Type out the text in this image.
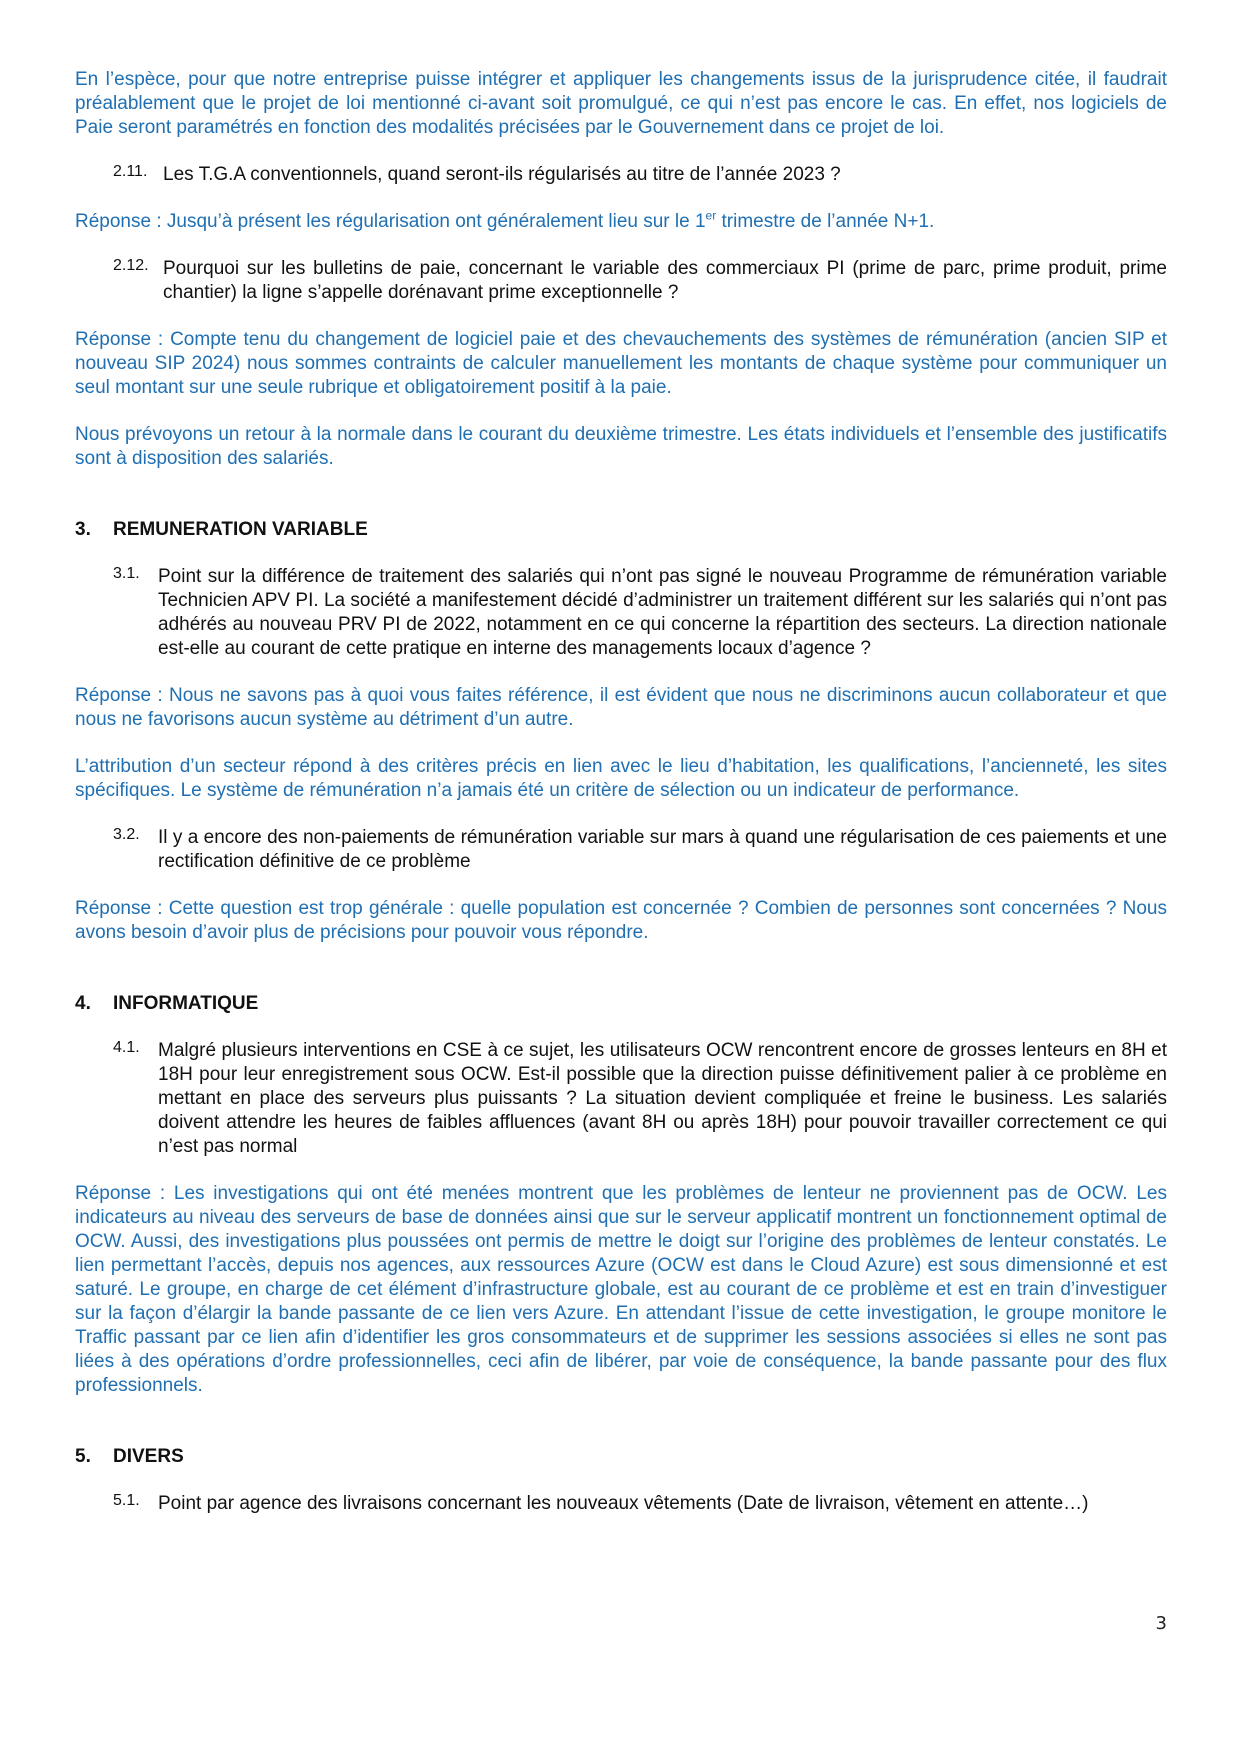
En l’espèce, pour que notre entreprise puisse intégrer et appliquer les changements issus de la jurisprudence citée, il faudrait préalablement que le projet de loi mentionné ci-avant soit promulgué, ce qui n’est pas encore le cas. En effet, nos logiciels de Paie seront paramétrés en fonction des modalités précisées par le Gouvernement dans ce projet de loi.

2.11. Les T.G.A conventionnels, quand seront-ils régularisés au titre de l’année 2023 ?

Réponse : Jusqu’à présent les régularisation ont généralement lieu sur le 1er trimestre de l’année N+1.

2.12. Pourquoi sur les bulletins de paie, concernant le variable des commerciaux PI (prime de parc, prime produit, prime chantier) la ligne s’appelle dorénavant prime exceptionnelle ?

Réponse : Compte tenu du changement de logiciel paie et des chevauchements des systèmes de rémunération (ancien SIP et nouveau SIP 2024) nous sommes contraints de calculer manuellement les montants de chaque système pour communiquer un seul montant sur une seule rubrique et obligatoirement positif à la paie.

Nous prévoyons un retour à la normale dans le courant du deuxième trimestre. Les états individuels et l’ensemble des justificatifs sont à disposition des salariés.

3.	REMUNERATION VARIABLE
3.1. Point sur la différence de traitement des salariés qui n’ont pas signé le nouveau Programme de rémunération variable Technicien APV PI. La société a manifestement décidé d’administrer un traitement différent sur les salariés qui n’ont pas adhérés au nouveau PRV PI de 2022, notamment en ce qui concerne la répartition des secteurs. La direction nationale est-elle au courant de cette pratique en interne des managements locaux d’agence ?

Réponse : Nous ne savons pas à quoi vous faites référence, il est évident que nous ne discriminons aucun collaborateur et que nous ne favorisons aucun système au détriment d’un autre.

L’attribution d’un secteur répond à des critères précis en lien avec le lieu d’habitation, les qualifications, l’ancienneté, les sites spécifiques. Le système de rémunération n’a jamais été un critère de sélection ou un indicateur de performance.

3.2. Il y a encore des non-paiements de rémunération variable sur mars à quand une régularisation de ces paiements et une rectification définitive de ce problème

Réponse : Cette question est trop générale : quelle population est concernée ? Combien de personnes sont concernées ? Nous avons besoin d’avoir plus de précisions pour pouvoir vous répondre.

4.	INFORMATIQUE
4.1. Malgré plusieurs interventions en CSE à ce sujet, les utilisateurs OCW rencontrent encore de grosses lenteurs en 8H et 18H pour leur enregistrement sous OCW. Est-il possible que la direction puisse définitivement palier à ce problème en mettant en place des serveurs plus puissants ? La situation devient compliquée et freine le business. Les salariés doivent attendre les heures de faibles affluences (avant 8H ou après 18H) pour pouvoir travailler correctement ce qui n’est pas normal

Réponse : Les investigations qui ont été menées montrent que les problèmes de lenteur ne proviennent pas de OCW. Les indicateurs au niveau des serveurs de base de données ainsi que sur le serveur applicatif montrent un fonctionnement optimal de OCW. Aussi, des investigations plus poussées ont permis de mettre le doigt sur l’origine des problèmes de lenteur constatés. Le lien permettant l’accès, depuis nos agences, aux ressources Azure (OCW est dans le Cloud Azure) est sous dimensionné et est saturé. Le groupe, en charge de cet élément d’infrastructure globale, est au courant de ce problème et est en train d’investiguer sur la façon d’élargir la bande passante de ce lien vers Azure. En attendant l’issue de cette investigation, le groupe monitore le Traffic passant par ce lien afin d’identifier les gros consommateurs et de supprimer les sessions associées si elles ne sont pas liées à des opérations d’ordre professionnelles, ceci afin de libérer, par voie de conséquence, la bande passante pour des flux professionnels.

5.	DIVERS
5.1. Point par agence des livraisons concernant les nouveaux vêtements (Date de livraison, vêtement en attente…)

3
